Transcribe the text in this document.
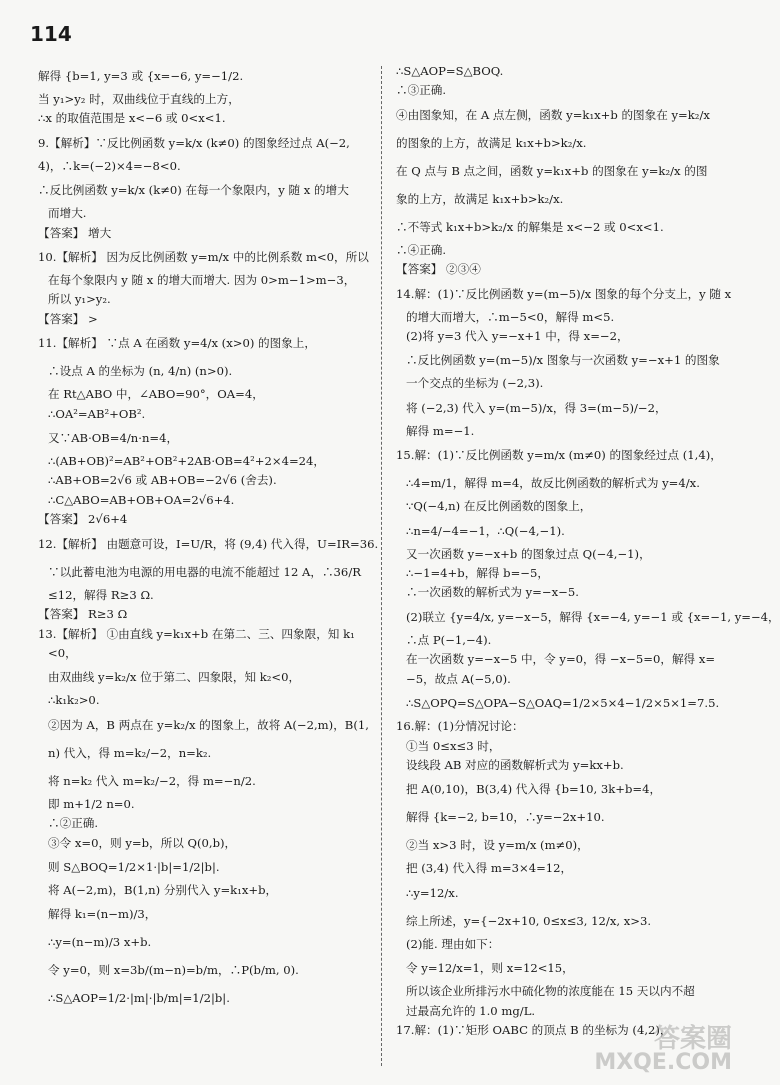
114
解得 {b=1, y=3 或 {x=−6, y=−1/2.
当 y₁>y₂ 时，双曲线位于直线的上方，
∴x 的取值范围是 x<−6 或 0<x<1.
9.【解析】∵反比例函数 y=k/x (k≠0) 的图象经过点 A(−2,
4)，∴k=(−2)×4=−8<0.
∴反比例函数 y=k/x (k≠0) 在每一个象限内，y 随 x 的增大
而增大.
【答案】 增大
10.【解析】 因为反比例函数 y=m/x 中的比例系数 m<0，所以
在每个象限内 y 随 x 的增大而增大. 因为 0>m−1>m−3，
所以 y₁>y₂.
【答案】 >
11.【解析】 ∵点 A 在函数 y=4/x (x>0) 的图象上，
∴设点 A 的坐标为 (n, 4/n) (n>0).
在 Rt△ABO 中，∠ABO=90°，OA=4，
∴OA²=AB²+OB².
又∵AB·OB=4/n·n=4，
∴(AB+OB)²=AB²+OB²+2AB·OB=4²+2×4=24，
∴AB+OB=2√6 或 AB+OB=−2√6 (舍去).
∴C△ABO=AB+OB+OA=2√6+4.
【答案】 2√6+4
12.【解析】 由题意可设，I=U/R，将 (9,4) 代入得，U=IR=36.
∵以此蓄电池为电源的用电器的电流不能超过 12 A，∴36/R
≤12，解得 R≥3 Ω.
【答案】 R≥3 Ω
13.【解析】 ①由直线 y=k₁x+b 在第二、三、四象限，知 k₁
<0，
由双曲线 y=k₂/x 位于第二、四象限，知 k₂<0，
∴k₁k₂>0.
②因为 A，B 两点在 y=k₂/x 的图象上，故将 A(−2,m)，B(1,
n) 代入，得 m=k₂/−2，n=k₂.
将 n=k₂ 代入 m=k₂/−2，得 m=−n/2.
即 m+1/2 n=0.
∴②正确.
③令 x=0，则 y=b，所以 Q(0,b)，
则 S△BOQ=1/2×1·|b|=1/2|b|.
将 A(−2,m)，B(1,n) 分别代入 y=k₁x+b，
解得 k₁=(n−m)/3，
∴y=(n−m)/3 x+b.
令 y=0，则 x=3b/(m−n)=b/m，∴P(b/m, 0).
∴S△AOP=1/2·|m|·|b/m|=1/2|b|.
∴S△AOP=S△BOQ.
∴③正确.
④由图象知，在 A 点左侧，函数 y=k₁x+b 的图象在 y=k₂/x
的图象的上方，故满足 k₁x+b>k₂/x.
在 Q 点与 B 点之间，函数 y=k₁x+b 的图象在 y=k₂/x 的图
象的上方，故满足 k₁x+b>k₂/x.
∴不等式 k₁x+b>k₂/x 的解集是 x<−2 或 0<x<1.
∴④正确.
【答案】 ②③④
14.解：(1)∵反比例函数 y=(m−5)/x 图象的每个分支上，y 随 x
的增大而增大，∴m−5<0，解得 m<5.
(2)将 y=3 代入 y=−x+1 中，得 x=−2，
∴反比例函数 y=(m−5)/x 图象与一次函数 y=−x+1 的图象
一个交点的坐标为 (−2,3).
将 (−2,3) 代入 y=(m−5)/x，得 3=(m−5)/−2，
解得 m=−1.
15.解：(1)∵反比例函数 y=m/x (m≠0) 的图象经过点 (1,4)，
∴4=m/1，解得 m=4，故反比例函数的解析式为 y=4/x.
∵Q(−4,n) 在反比例函数的图象上，
∴n=4/−4=−1，∴Q(−4,−1).
又一次函数 y=−x+b 的图象过点 Q(−4,−1)，
∴−1=4+b，解得 b=−5，
∴一次函数的解析式为 y=−x−5.
(2)联立 {y=4/x, y=−x−5，解得 {x=−4, y=−1 或 {x=−1, y=−4，
∴点 P(−1,−4).
在一次函数 y=−x−5 中，令 y=0，得 −x−5=0，解得 x=
−5，故点 A(−5,0).
∴S△OPQ=S△OPA−S△OAQ=1/2×5×4−1/2×5×1=7.5.
16.解：(1)分情况讨论：
①当 0≤x≤3 时，
设线段 AB 对应的函数解析式为 y=kx+b.
把 A(0,10)，B(3,4) 代入得 {b=10, 3k+b=4，
解得 {k=−2, b=10，∴y=−2x+10.
②当 x>3 时，设 y=m/x (m≠0)，
把 (3,4) 代入得 m=3×4=12，
∴y=12/x.
综上所述，y={−2x+10, 0≤x≤3, 12/x, x>3.
(2)能. 理由如下：
令 y=12/x=1，则 x=12<15，
所以该企业所排污水中硫化物的浓度能在 15 天以内不超
过最高允许的 1.0 mg/L.
17.解：(1)∵矩形 OABC 的顶点 B 的坐标为 (4,2)，
答案圈
MXQE.COM
